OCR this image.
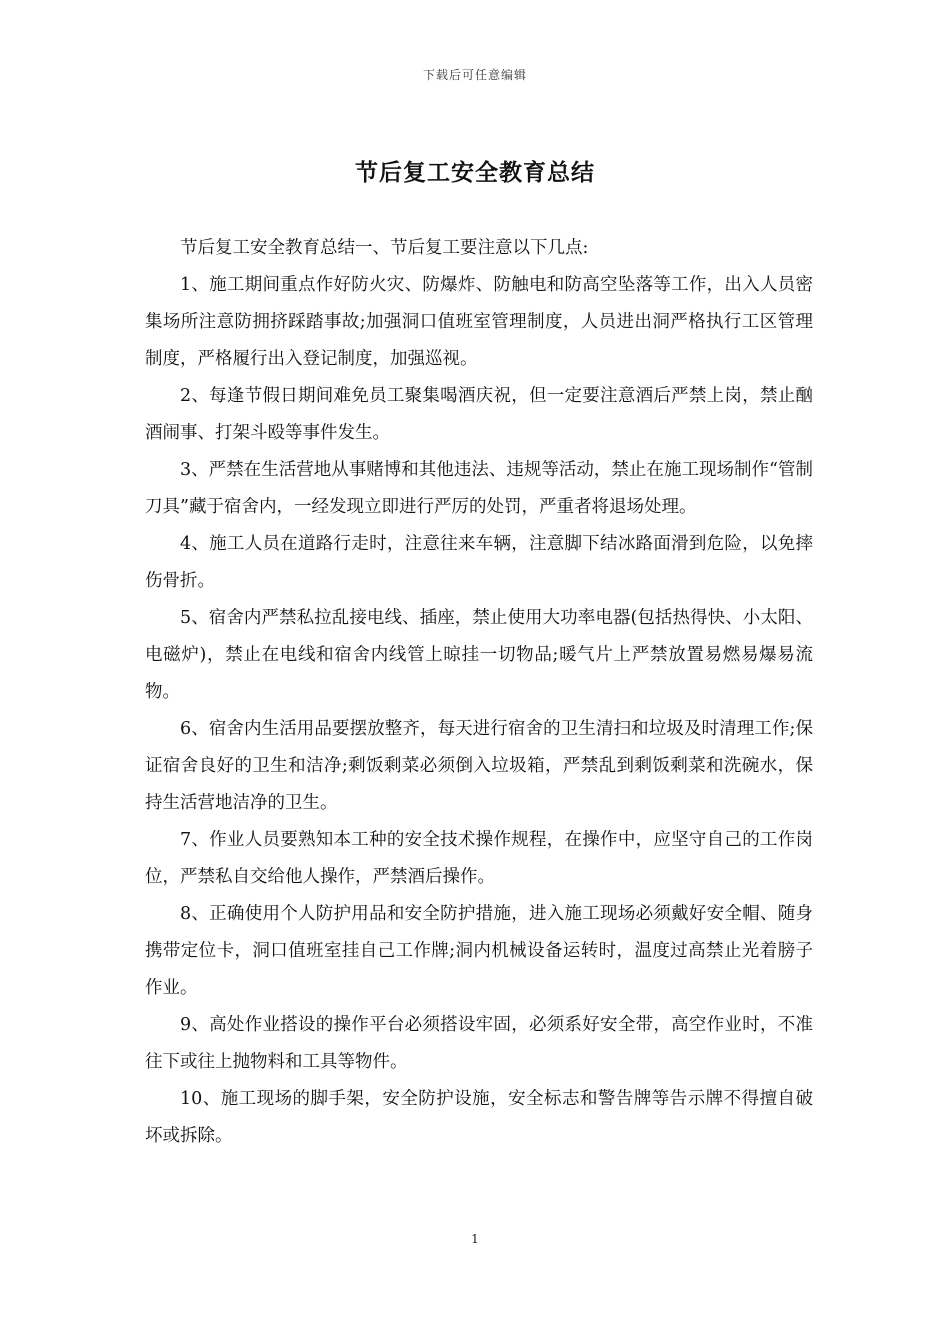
下载后可任意编辑
节后复工安全教育总结

节后复工安全教育总结一、节后复工要注意以下几点:

1、施工期间重点作好防火灾、防爆炸、防触电和防高空坠落等工作，出入人员密集场所注意防拥挤踩踏事故;加强洞口值班室管理制度，人员进出洞严格执行工区管理制度，严格履行出入登记制度，加强巡视。

2、每逢节假日期间难免员工聚集喝酒庆祝，但一定要注意酒后严禁上岗，禁止酗酒闹事、打架斗殴等事件发生。

3、严禁在生活营地从事赌博和其他违法、违规等活动，禁止在施工现场制作“管制刀具”藏于宿舍内，一经发现立即进行严厉的处罚，严重者将退场处理。

4、施工人员在道路行走时，注意往来车辆，注意脚下结冰路面滑到危险，以免摔伤骨折。

5、宿舍内严禁私拉乱接电线、插座，禁止使用大功率电器(包括热得快、小太阳、电磁炉)，禁止在电线和宿舍内线管上晾挂一切物品;暖气片上严禁放置易燃易爆易流物。

6、宿舍内生活用品要摆放整齐，每天进行宿舍的卫生清扫和垃圾及时清理工作;保证宿舍良好的卫生和洁净;剩饭剩菜必须倒入垃圾箱，严禁乱到剩饭剩菜和洗碗水，保持生活营地洁净的卫生。

7、作业人员要熟知本工种的安全技术操作规程，在操作中，应坚守自己的工作岗位，严禁私自交给他人操作，严禁酒后操作。

8、正确使用个人防护用品和安全防护措施，进入施工现场必须戴好安全帽、随身携带定位卡，洞口值班室挂自己工作牌;洞内机械设备运转时，温度过高禁止光着膀子作业。

9、高处作业搭设的操作平台必须搭设牢固，必须系好安全带，高空作业时，不准往下或往上抛物料和工具等物件。

10、施工现场的脚手架，安全防护设施，安全标志和警告牌等告示牌不得擅自破坏或拆除。

1
